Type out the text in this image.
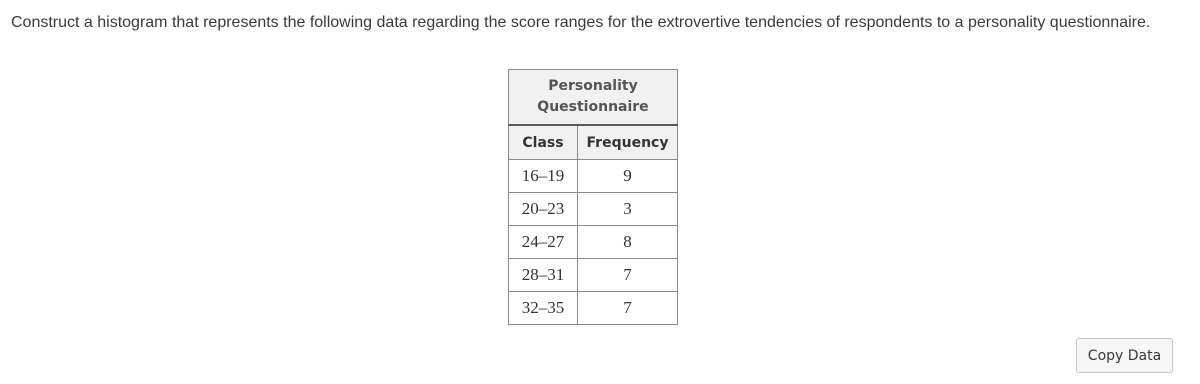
Construct a histogram that represents the following data regarding the score ranges for the extrovertive tendencies of respondents to a personality questionnaire.
Personality
Questionnaire	

Class	Frequency
16–19	9
20–23	3
24–27	8
28–31	7
32–35	7
Copy Data
